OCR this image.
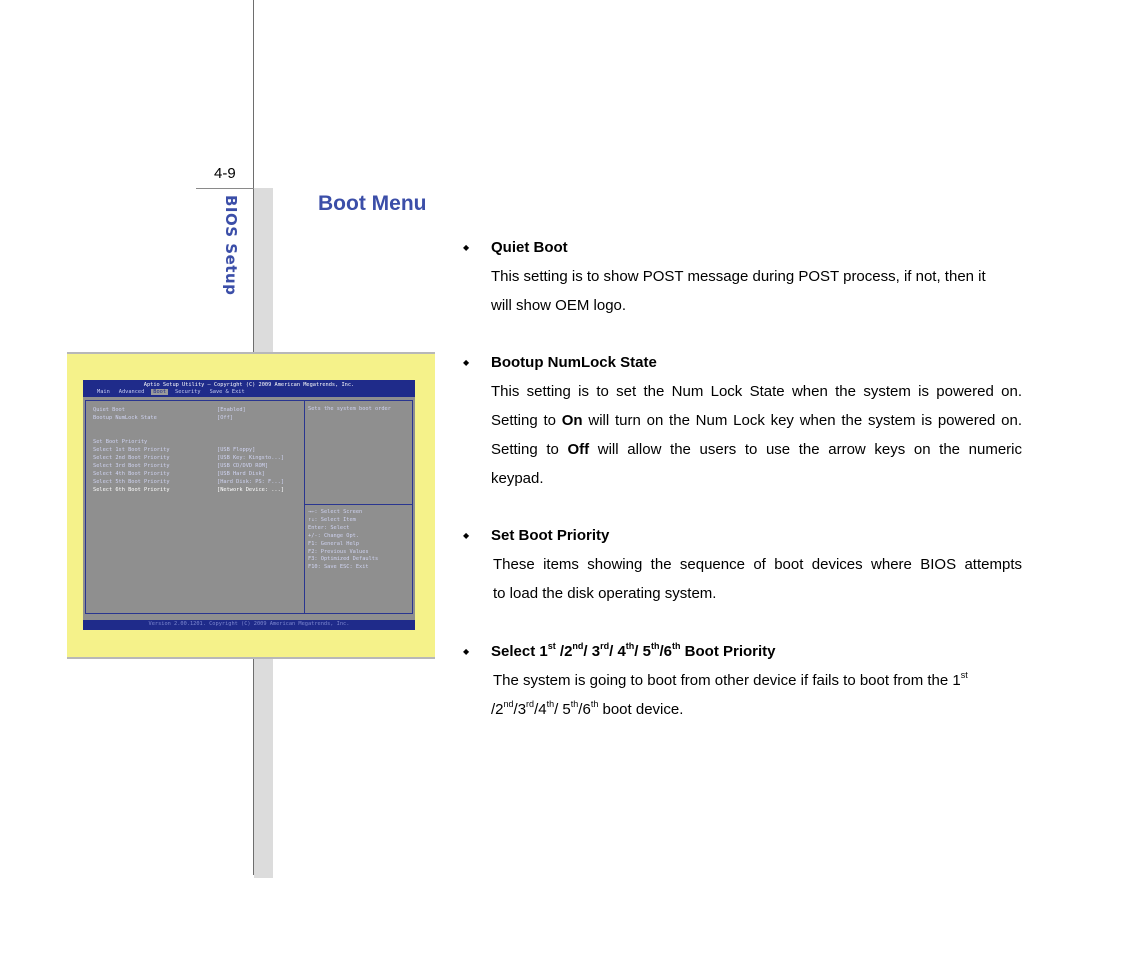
4-9
BIOS Setup	Boot Menu
Aptio Setup Utility – Copyright (C) 2009 American Megatrends, Inc.
Main	Advanced	Boot	Security	Save & Exit
Quiet Boot	[Enabled]
Bootup NumLock State	[Off]
Set Boot Priority
Select 1st Boot Priority	[USB Floppy]
Select 2nd Boot Priority	[USB Key: Kingsto...]
Select 3rd Boot Priority	[USB CD/DVD ROM]
Select 4th Boot Priority	[USB Hard Disk]
Select 5th Boot Priority	[Hard Disk: PS: F...]
Select 6th Boot Priority	[Network Device: ...]
Sets the system boot order
→←: Select Screen
↑↓: Select Item
Enter: Select
+/-: Change Opt.
F1: General Help
F2: Previous Values
F3: Optimized Defaults
F10: Save ESC: Exit
Version 2.00.1201. Copyright (C) 2009 American Megatrends, Inc.
◆ Quiet Boot
This setting is to show POST message during POST process, if not, then it
will show OEM logo.
◆ Bootup NumLock State
This setting is to set the Num Lock State when the system is powered on.
Setting to On will turn on the Num Lock key when the system is powered on.
Setting to Off will allow the users to use the arrow keys on the numeric
keypad.
◆ Set Boot Priority
These items showing the sequence of boot devices where BIOS attempts
to load the disk operating system.
◆ Select 1st /2nd/ 3rd/ 4th/ 5th/6th Boot Priority
The system is going to boot from other device if fails to boot from the 1st
/2nd/3rd/4th/ 5th/6th boot device.
